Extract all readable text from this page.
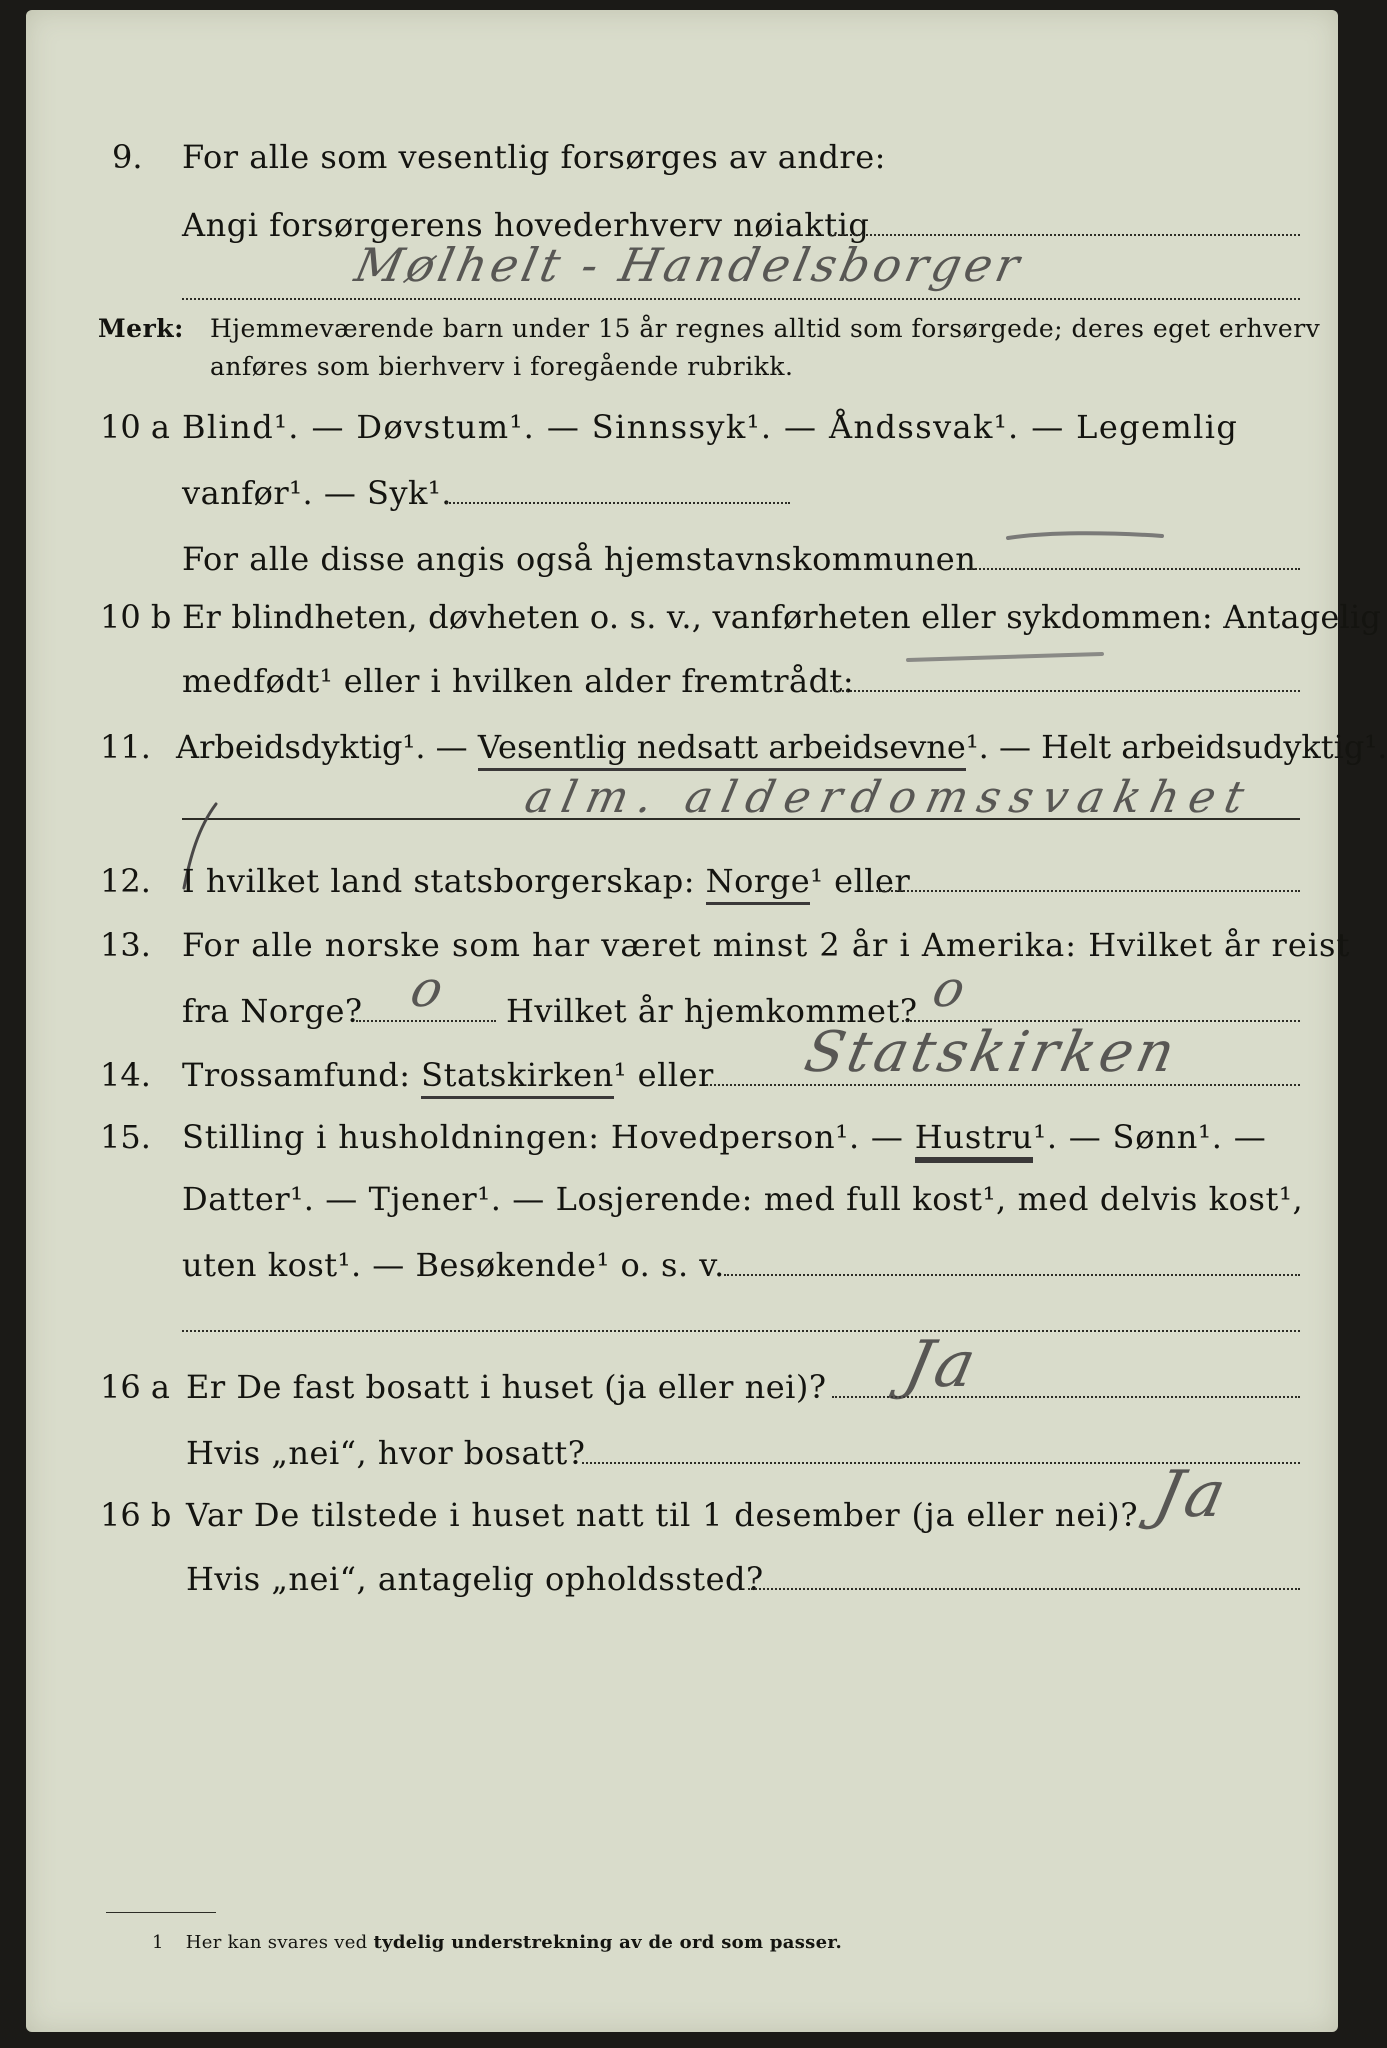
9. For alle som vesentlig forsørges av andre:
Angi forsørgerens hovederhverv nøiaktig
Mølhelt - Handelsborger
Merk: Hjemmeværende barn under 15 år regnes alltid som forsørgede; deres eget erhverv
anføres som bierhverv i foregående rubrikk.
10 a Blind¹. — Døvstum¹. — Sinnssyk¹. — Åndssvak¹. — Legemlig
vanfør¹. — Syk¹.
For alle disse angis også hjemstavnskommunen
10 b Er blindheten, døvheten o. s. v., vanførheten eller sykdommen: Antagelig
medfødt¹ eller i hvilken alder fremtrådt:
11. Arbeidsdyktig¹. — Vesentlig nedsatt arbeidsevne¹. — Helt arbeidsudyktig¹.
alm. alderdomssvakhet
12. I hvilket land statsborgerskap: Norge¹ eller
13. For alle norske som har været minst 2 år i Amerika: Hvilket år reist
fra Norge? o Hvilket år hjemkommet? o
14. Trossamfund: Statskirken¹ eller Statskirken
15. Stilling i husholdningen: Hovedperson¹. — Hustru¹. — Sønn¹. —
Datter¹. — Tjener¹. — Losjerende: med full kost¹, med delvis kost¹,
uten kost¹. — Besøkende¹ o. s. v.
16 a Er De fast bosatt i huset (ja eller nei)? Ja
Hvis „nei“, hvor bosatt?
16 b Var De tilstede i huset natt til 1 desember (ja eller nei)? Ja
Hvis „nei“, antagelig opholdssted?
1 Her kan svares ved tydelig understrekning av de ord som passer.
